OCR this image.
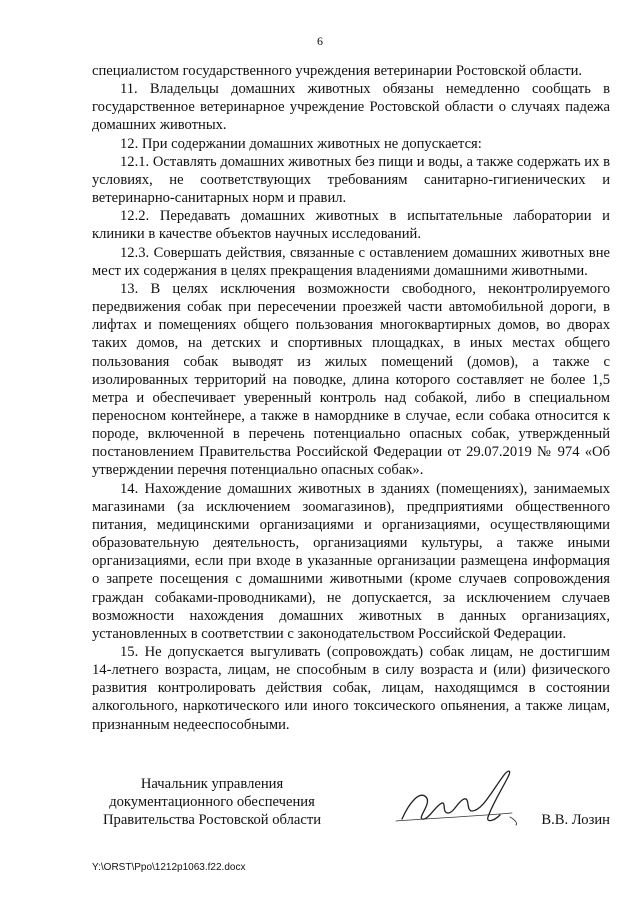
6

специалистом государственного учреждения ветеринарии Ростовской области.

11. Владельцы домашних животных обязаны немедленно сообщать в государственное ветеринарное учреждение Ростовской области о случаях падежа домашних животных.

12. При содержании домашних животных не допускается:

12.1. Оставлять домашних животных без пищи и воды, а также содержать их в условиях, не соответствующих требованиям санитарно-гигиенических и ветеринарно-санитарных норм и правил.

12.2. Передавать домашних животных в испытательные лаборатории и клиники в качестве объектов научных исследований.

12.3. Совершать действия, связанные с оставлением домашних животных вне мест их содержания в целях прекращения владениями домашними животными.

13. В целях исключения возможности свободного, неконтролируемого передвижения собак при пересечении проезжей части автомобильной дороги, в лифтах и помещениях общего пользования многоквартирных домов, во дворах таких домов, на детских и спортивных площадках, в иных местах общего пользования собак выводят из жилых помещений (домов), а также с изолированных территорий на поводке, длина которого составляет не более 1,5 метра и обеспечивает уверенный контроль над собакой, либо в специальном переносном контейнере, а также в наморднике в случае, если собака относится к породе, включенной в перечень потенциально опасных собак, утвержденный постановлением Правительства Российской Федерации от 29.07.2019 № 974 «Об утверждении перечня потенциально опасных собак».

14. Нахождение домашних животных в зданиях (помещениях), занимаемых магазинами (за исключением зоомагазинов), предприятиями общественного питания, медицинскими организациями и организациями, осуществляющими образовательную деятельность, организациями культуры, а также иными организациями, если при входе в указанные организации размещена информация о запрете посещения с домашними животными (кроме случаев сопровождения граждан собаками-проводниками), не допускается, за исключением случаев возможности нахождения домашних животных в данных организациях, установленных в соответствии с законодательством Российской Федерации.

15. Не допускается выгуливать (сопровождать) собак лицам, не достигшим 14-летнего возраста, лицам, не способным в силу возраста и (или) физического развития контролировать действия собак, лицам, находящимся в состоянии алкогольного, наркотического или иного токсического опьянения, а также лицам, признанным недееспособными.

Начальник управления
документационного обеспечения
Правительства Ростовской области	В.В. Лозин
Y:\ORST\Ppo\1212p1063.f22.docx
